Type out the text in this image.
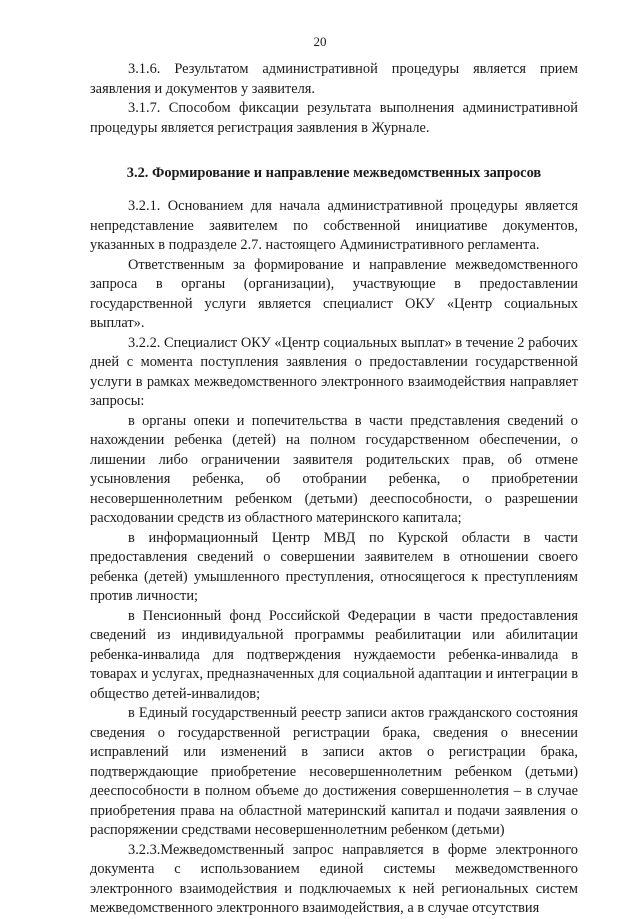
20

3.1.6. Результатом административной процедуры является прием заявления и документов у заявителя.

3.1.7. Способом фиксации результата выполнения административной процедуры является регистрация заявления в Журнале.

3.2. Формирование и направление межведомственных запросов

3.2.1. Основанием для начала административной процедуры является непредставление заявителем по собственной инициативе документов, указанных в подразделе 2.7. настоящего Административного регламента.

Ответственным за формирование и направление межведомственного запроса в органы (организации), участвующие в предоставлении государственной услуги является специалист ОКУ «Центр социальных выплат».

3.2.2. Специалист ОКУ «Центр социальных выплат» в течение 2 рабочих дней с момента поступления заявления о предоставлении государственной услуги в рамках межведомственного электронного взаимодействия направляет запросы:

в органы опеки и попечительства в части представления сведений о нахождении ребенка (детей) на полном государственном обеспечении, о лишении либо ограничении заявителя родительских прав, об отмене усыновления ребенка, об отобрании ребенка, о приобретении несовершеннолетним ребенком (детьми) дееспособности, о разрешении расходовании средств из областного материнского капитала;

в информационный Центр МВД по Курской области в части предоставления сведений о совершении заявителем в отношении своего ребенка (детей) умышленного преступления, относящегося к преступлениям против личности;

в Пенсионный фонд Российской Федерации в части предоставления сведений из индивидуальной программы реабилитации или абилитации ребенка-инвалида для подтверждения нуждаемости ребенка-инвалида в товарах и услугах, предназначенных для социальной адаптации и интеграции в общество детей-инвалидов;

в Единый государственный реестр записи актов гражданского состояния сведения о государственной регистрации брака, сведения о внесении исправлений или изменений в записи актов о регистрации брака, подтверждающие приобретение несовершеннолетним ребенком (детьми) дееспособности в полном объеме до достижения совершеннолетия – в случае приобретения права на областной материнский капитал и подачи заявления о распоряжении средствами несовершеннолетним ребенком (детьми)

3.2.3.Межведомственный запрос направляется в форме электронного документа с использованием единой системы межведомственного электронного взаимодействия и подключаемых к ней региональных систем межведомственного электронного взаимодействия, а в случае отсутствия
